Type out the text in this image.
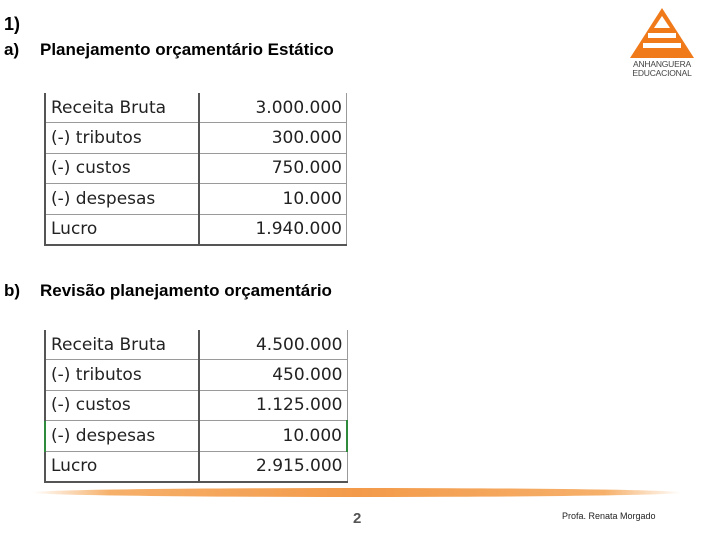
1)
a) Planejamento orçamentário Estático
ANHANGUERA
EDUCACIONAL
Receita Bruta	3.000.000
(-) tributos	300.000
(-) custos	750.000
(-) despesas	10.000
Lucro	1.940.000
b) Revisão planejamento orçamentário
Receita Bruta	4.500.000
(-) tributos	450.000
(-) custos	1.125.000
(-) despesas	10.000
Lucro	2.915.000
2	Profa. Renata Morgado
